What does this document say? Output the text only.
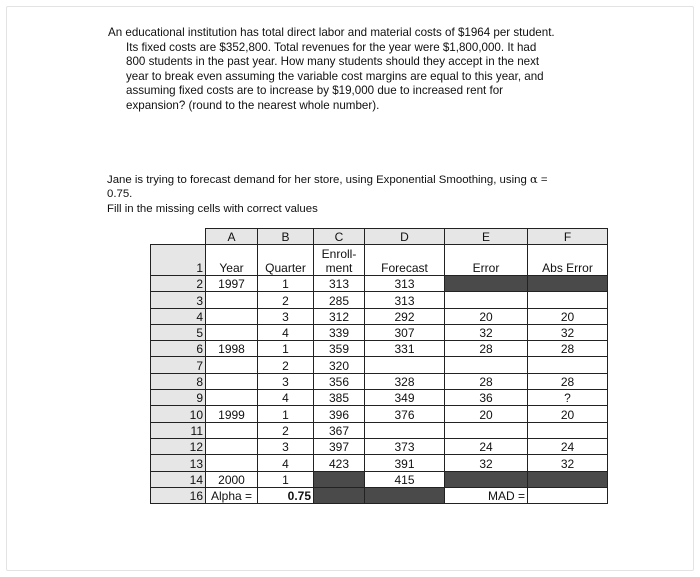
An educational institution has total direct labor and material costs of $1964 per student.
Its fixed costs are $352,800. Total revenues for the year were $1,800,000. It had
800 students in the past year. How many students should they accept in the next
year to break even assuming the variable cost margins are equal to this year, and
assuming fixed costs are to increase by $19,000 due to increased rent for
expansion? (round to the nearest whole number).
Jane is trying to forecast demand for her store, using Exponential Smoothing, using α =
0.75.
Fill in the missing cells with correct values
	A	B	C	D	E	F
1	Year	Quarter	Enroll-
ment	Forecast	Error	Abs Error
2	1997	1	313	313		
3		2	285	313		
4		3	312	292	20	20
5		4	339	307	32	32
6	1998	1	359	331	28	28
7		2	320			
8		3	356	328	28	28
9		4	385	349	36	?
10	1999	1	396	376	20	20
11		2	367			
12		3	397	373	24	24
13		4	423	391	32	32
14	2000	1		415		
16	Alpha =	0.75			MAD =	
